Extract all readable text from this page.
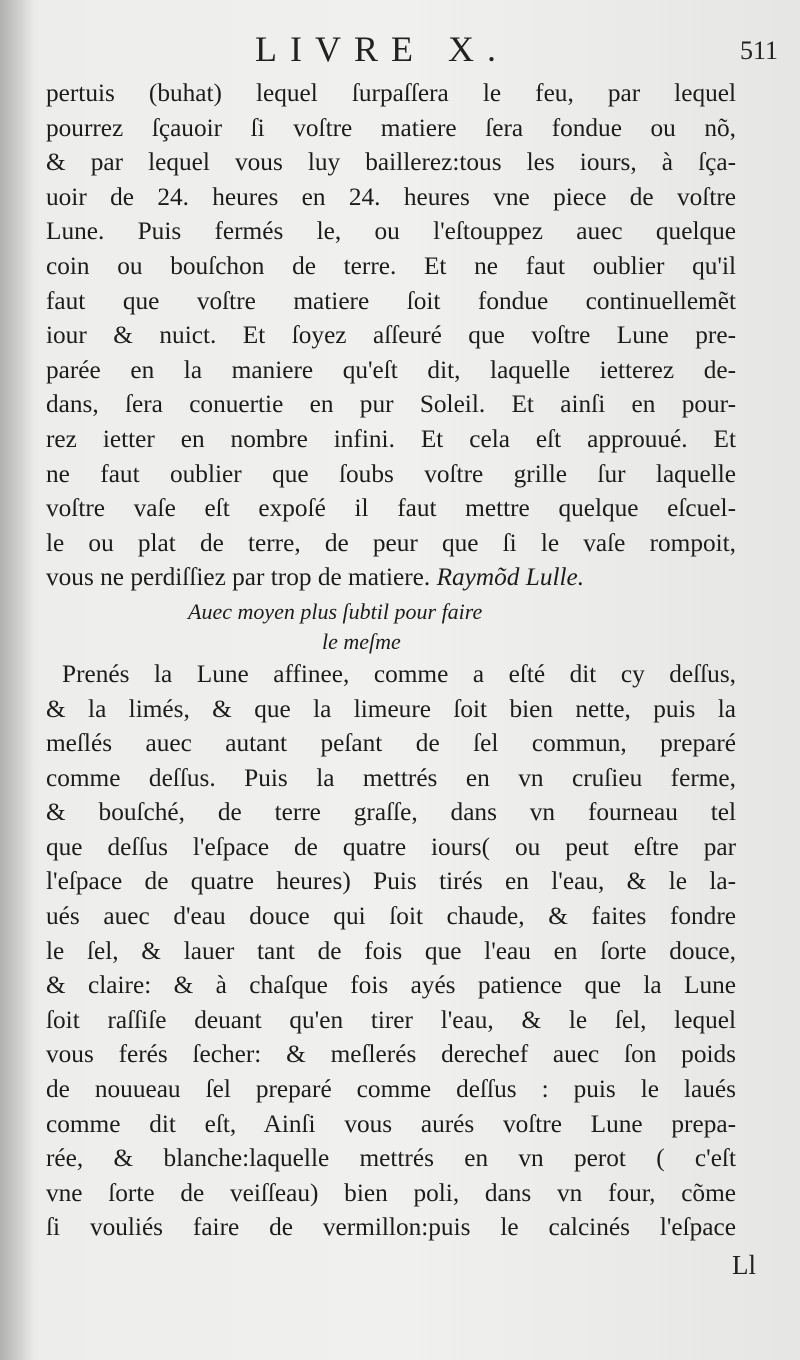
LIVRE X.	511
pertuis (buhat) lequel ſurpaſſera le feu, par lequel
pourrez ſçauoir ſi voſtre matiere ſera fondue ou nõ,
& par lequel vous luy baillerez:tous les iours, à ſça-
uoir de 24. heures en 24. heures vne piece de voſtre
Lune. Puis fermés le, ou l'eſtouppez auec quelque
coin ou bouſchon de terre. Et ne faut oublier qu'il
faut que voſtre matiere ſoit fondue continuellemẽt
iour & nuict. Et ſoyez aſſeuré que voſtre Lune pre-
parée en la maniere qu'eſt dit, laquelle ietterez de-
dans, ſera conuertie en pur Soleil. Et ainſi en pour-
rez ietter en nombre infini. Et cela eſt approuué. Et
ne faut oublier que ſoubs voſtre grille ſur laquelle
voſtre vaſe eſt expoſé il faut mettre quelque eſcuel-
le ou plat de terre, de peur que ſi le vaſe rompoit,
vous ne perdiſſiez par trop de matiere. Raymõd Lulle.
Auec moyen plus ſubtil pour faire
le meſme
Prenés la Lune affinee, comme a eſté dit cy deſſus,
& la limés, & que la limeure ſoit bien nette, puis la
meſlés auec autant peſant de ſel commun, preparé
comme deſſus. Puis la mettrés en vn cruſieu ferme,
& bouſché, de terre graſſe, dans vn fourneau tel
que deſſus l'eſpace de quatre iours( ou peut eſtre par
l'eſpace de quatre heures) Puis tirés en l'eau, & le la-
ués auec d'eau douce qui ſoit chaude, & faites fondre
le ſel, & lauer tant de fois que l'eau en ſorte douce,
& claire: & à chaſque fois ayés patience que la Lune
ſoit raſſiſe deuant qu'en tirer l'eau, & le ſel, lequel
vous ferés ſecher: & meſlerés derechef auec ſon poids
de nouueau ſel preparé comme deſſus : puis le laués
comme dit eſt, Ainſi vous aurés voſtre Lune prepa-
rée, & blanche:laquelle mettrés en vn perot ( c'eſt
vne ſorte de veiſſeau) bien poli, dans vn four, cõme
ſi vouliés faire de vermillon:puis le calcinés l'eſpace
Ll
